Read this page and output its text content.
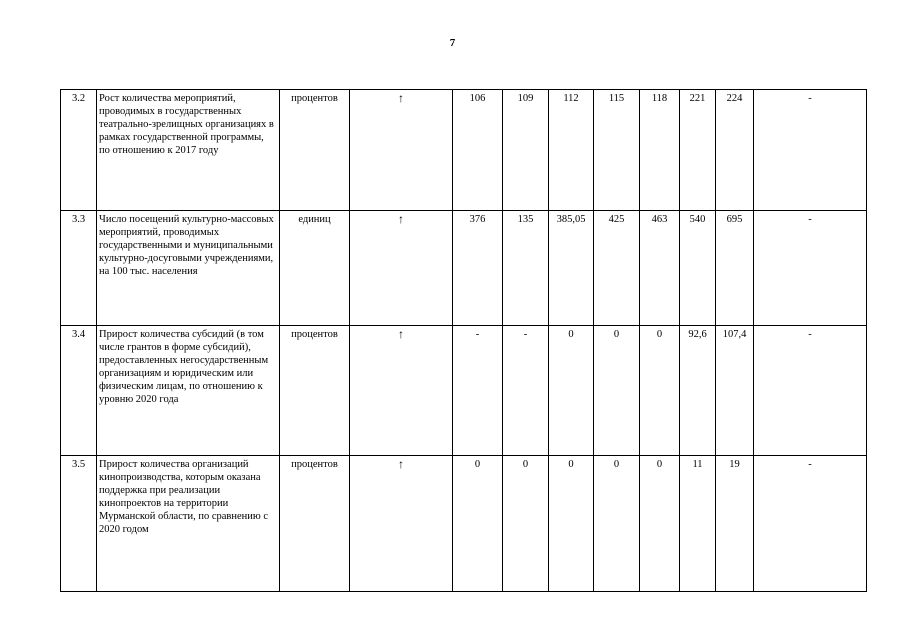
7
3.2	Рост количества мероприятий, проводимых в государственных театрально-зрелищных организациях в рамках государственной программы, по отношению к 2017 году	процентов	↑	106	109	112	115	118	221	224	-
3.3	Число посещений культурно-массовых мероприятий, проводимых государственными и муниципальными культурно-досуговыми учреждениями, на 100 тыс. населения	единиц	↑	376	135	385,05	425	463	540	695	-
3.4	Прирост количества субсидий (в том числе грантов в форме субсидий), предоставленных негосударственным организациям и юридическим или физическим лицам, по отношению к уровню 2020 года	процентов	↑	-	-	0	0	0	92,6	107,4	-
3.5	Прирост количества организаций кинопроизводства, которым оказана поддержка при реализации кинопроектов на территории Мурманской области, по сравнению с 2020 годом	процентов	↑	0	0	0	0	0	11	19	-
